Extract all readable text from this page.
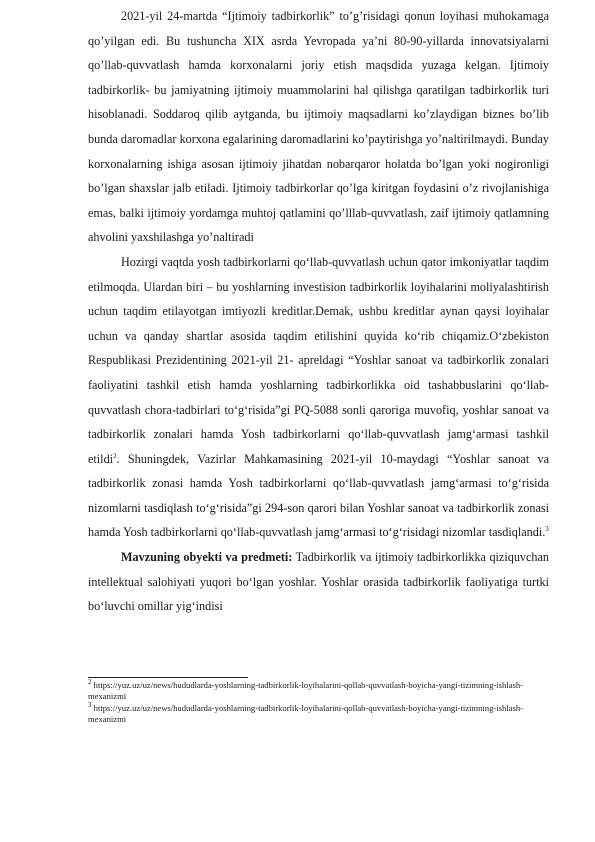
2021-yil 24-martda “Ijtimoiy tadbirkorlik” to’g’risidagi qonun loyihasi muhokamaga qo’yilgan edi. Bu tushuncha XIX asrda Yevropada ya’ni 80-90-yillarda innovatsiyalarni qo’llab-quvvatlash hamda korxonalarni joriy etish maqsdida yuzaga kelgan. Ijtimoiy tadbirkorlik- bu jamiyatning ijtimoiy muammolarini hal qilishga qaratilgan tadbirkorlik turi hisoblanadi. Soddaroq qilib aytganda, bu ijtimoiy maqsadlarni ko’zlaydigan biznes bo’lib bunda daromadlar korxona egalarining daromadlarini ko’paytirishga yo’naltirilmaydi. Bunday korxonalarning ishiga asosan ijtimoiy jihatdan nobarqaror holatda bo’lgan yoki nogironligi bo’lgan shaxslar jalb etiladi. Ijtimoiy tadbirkorlar qo’lga kiritgan foydasini o’z rivojlanishiga emas, balki ijtimoiy yordamga muhtoj qatlamini qo’lllab-quvvatlash, zaif ijtimoiy qatlamning ahvolini yaxshilashga yo’naltiradi

Hozirgi vaqtda yosh tadbirkorlarni qo‘llab-quvvatlash uchun qator imkoniyatlar taqdim etilmoqda. Ulardan biri – bu yoshlarning investision tadbirkorlik loyihalarini moliyalashtirish uchun taqdim etilayotgan imtiyozli kreditlar.Demak, ushbu kreditlar aynan qaysi loyihalar uchun va qanday shartlar asosida taqdim etilishini quyida ko‘rib chiqamiz.O‘zbekiston Respublikasi Prezidentining 2021-yil 21- apreldagi “Yoshlar sanoat va tadbirkorlik zonalari faoliyatini tashkil etish hamda yoshlarning tadbirkorlikka oid tashabbuslarini qo‘llab-quvvatlash chora-tadbirlari to‘g‘risida”gi PQ-5088 sonli qaroriga muvofiq, yoshlar sanoat va tadbirkorlik zonalari hamda Yosh tadbirkorlarni qo‘llab-quvvatlash jamg‘armasi tashkil etildi$^2$. Shuningdek, Vazirlar Mahkamasining 2021-yil 10-maydagi “Yoshlar sanoat va tadbirkorlik zonasi hamda Yosh tadbirkorlarni qo‘llab-quvvatlash jamg‘armasi to‘g‘risida nizomlarni tasdiqlash to‘g‘risida”gi 294-son qarori bilan Yoshlar sanoat va tadbirkorlik zonasi hamda Yosh tadbirkorlarni qo‘llab-quvvatlash jamg‘armasi to‘g‘risidagi nizomlar tasdiqlandi.$^3$

Mavzuning obyekti va predmeti: Tadbirkorlik va ijtimoiy tadbirkorlikka qiziquvchan intellektual salohiyati yuqori bo‘lgan yoshlar. Yoshlar orasida tadbirkorlik faoliyatiga turtki bo‘luvchi omillar yig‘indisi

$^2$ https://yuz.uz/uz/news/hududlarda-yoshlarning-tadbirkorlik-loyihalarini-qollab-quvvatlash-boyicha-yangi-tizimning-ishlash-mexanizmi

$^3$ https://yuz.uz/uz/news/hududlarda-yoshlarning-tadbirkorlik-loyihalarini-qollab-quvvatlash-boyicha-yangi-tizimning-ishlash-mexanizmi
